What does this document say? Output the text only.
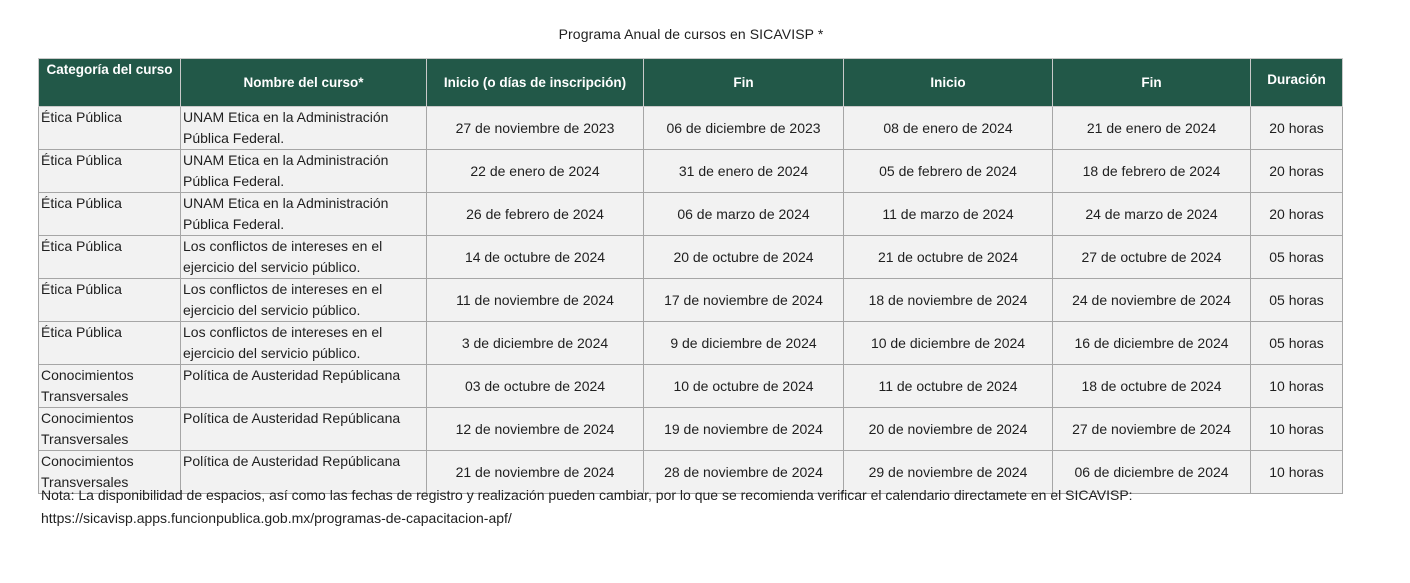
Programa Anual de cursos en SICAVISP *
Categoría del curso	Nombre del curso*	Inicio (o días de inscripción)	Fin	Inicio	Fin	Duración
Ética Pública	UNAM Etica en la Administración Pública Federal.	27 de noviembre de 2023	06 de diciembre de 2023	08 de enero de 2024	21 de enero de 2024	20 horas
Ética Pública	UNAM Etica en la Administración Pública Federal.	22 de enero de 2024	31 de enero de 2024	05 de febrero de 2024	18 de febrero de 2024	20 horas
Ética Pública	UNAM Etica en la Administración Pública Federal.	26 de febrero de 2024	06 de marzo de 2024	11 de marzo de 2024	24 de marzo de 2024	20 horas
Ética Pública	Los conflictos de intereses en el ejercicio del servicio público.	14 de octubre de 2024	20 de octubre de 2024	21 de octubre de 2024	27 de octubre de 2024	05 horas
Ética Pública	Los conflictos de intereses en el ejercicio del servicio público.	11 de noviembre de 2024	17 de noviembre de 2024	18 de noviembre de 2024	24 de noviembre de 2024	05 horas
Ética Pública	Los conflictos de intereses en el ejercicio del servicio público.	3 de diciembre de 2024	9 de diciembre de 2024	10 de diciembre de 2024	16 de diciembre de 2024	05 horas
Conocimientos Transversales	Política de Austeridad Repúblicana	03 de octubre de 2024	10 de octubre de 2024	11 de octubre de 2024	18 de octubre de 2024	10 horas
Conocimientos Transversales	Política de Austeridad Repúblicana	12 de noviembre de 2024	19 de noviembre de 2024	20 de noviembre de 2024	27 de noviembre de 2024	10 horas
Conocimientos Transversales	Política de Austeridad Repúblicana	21 de noviembre de 2024	28 de noviembre de 2024	29 de noviembre de 2024	06 de diciembre de 2024	10 horas
Nota: La disponibilidad de espacios, así como las fechas de registro y realización pueden cambiar, por lo que se recomienda verificar el calendario directamete en el SICAVISP:
https://sicavisp.apps.funcionpublica.gob.mx/programas-de-capacitacion-apf/
